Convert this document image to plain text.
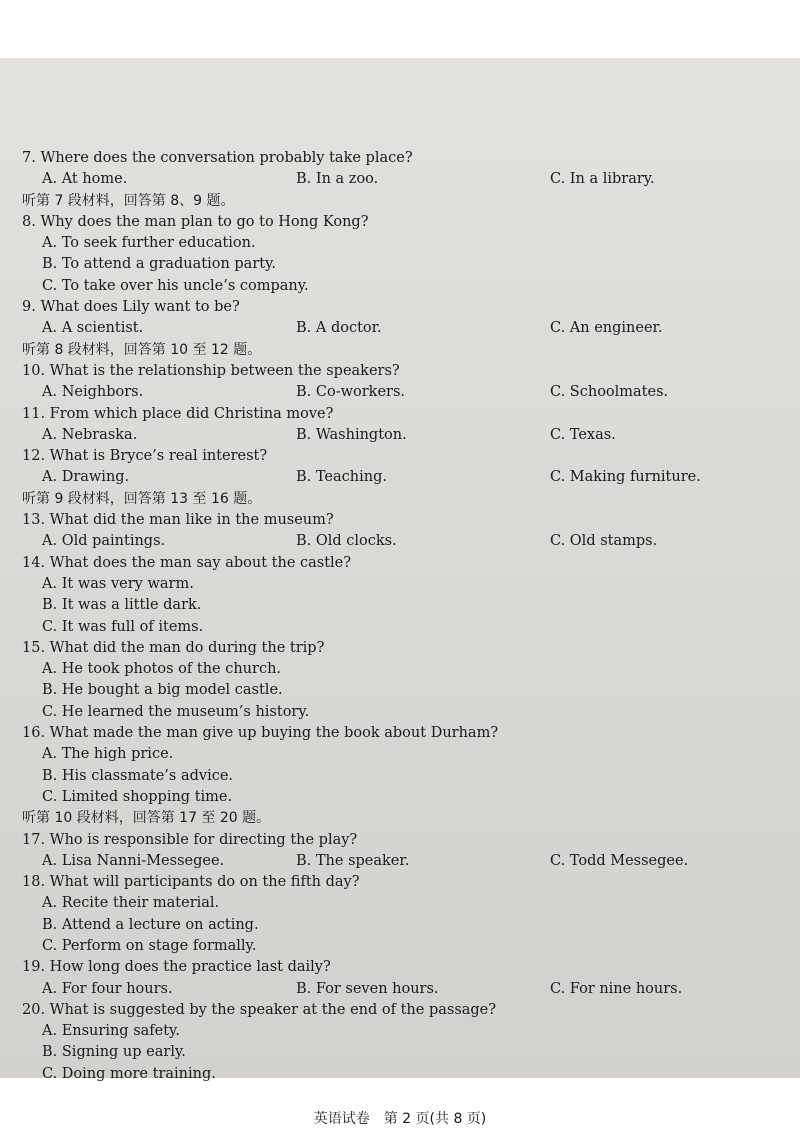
7. Where does the conversation probably take place?
A. At home.	B. In a zoo.	C. In a library.
听第 7 段材料，回答第 8、9 题。
8. Why does the man plan to go to Hong Kong?
A. To seek further education.
B. To attend a graduation party.
C. To take over his uncle’s company.
9. What does Lily want to be?
A. A scientist.	B. A doctor.	C. An engineer.
听第 8 段材料，回答第 10 至 12 题。
10. What is the relationship between the speakers?
A. Neighbors.	B. Co-workers.	C. Schoolmates.
11. From which place did Christina move?
A. Nebraska.	B. Washington.	C. Texas.
12. What is Bryce’s real interest?
A. Drawing.	B. Teaching.	C. Making furniture.
听第 9 段材料，回答第 13 至 16 题。
13. What did the man like in the museum?
A. Old paintings.	B. Old clocks.	C. Old stamps.
14. What does the man say about the castle?
A. It was very warm.
B. It was a little dark.
C. It was full of items.
15. What did the man do during the trip?
A. He took photos of the church.
B. He bought a big model castle.
C. He learned the museum’s history.
16. What made the man give up buying the book about Durham?
A. The high price.
B. His classmate’s advice.
C. Limited shopping time.
听第 10 段材料，回答第 17 至 20 题。
17. Who is responsible for directing the play?
A. Lisa Nanni-Messegee.	B. The speaker.	C. Todd Messegee.
18. What will participants do on the fifth day?
A. Recite their material.
B. Attend a lecture on acting.
C. Perform on stage formally.
19. How long does the practice last daily?
A. For four hours.	B. For seven hours.	C. For nine hours.
20. What is suggested by the speaker at the end of the passage?
A. Ensuring safety.
B. Signing up early.
C. Doing more training.
英语试卷　第 2 页(共 8 页)
